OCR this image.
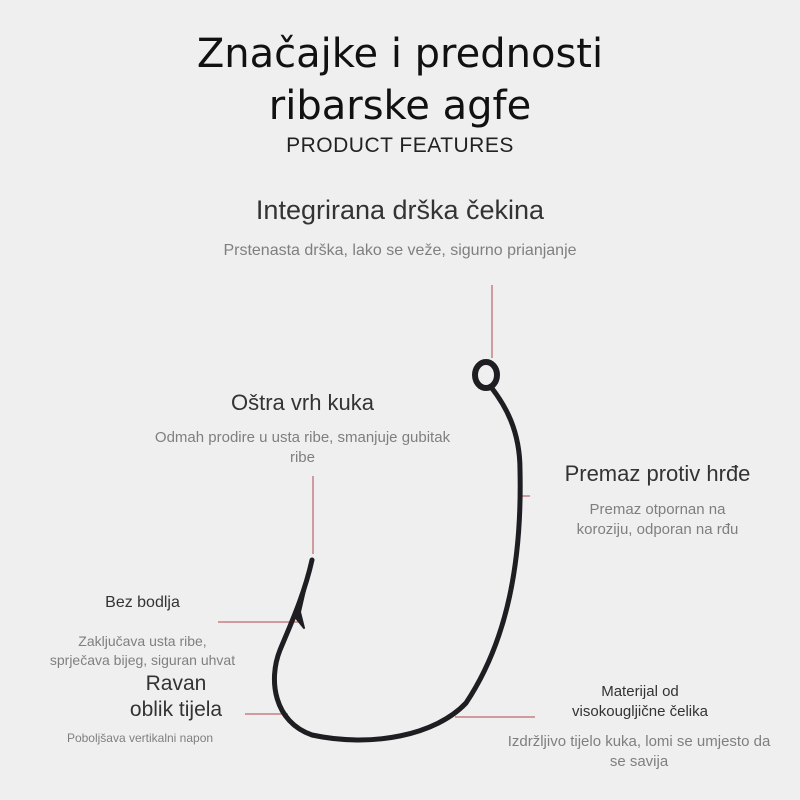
Značajke i prednosti
ribarske agfe
PRODUCT FEATURES
Integrirana drška čekina
Prstenasta drška, lako se veže, sigurno prianjanje
Oštra vrh kuka
Odmah prodire u usta ribe, smanjuje gubitak
ribe
Premaz protiv hrđe
Premaz otpornan na
koroziju, odporan na rđu
Bez bodlja
Zaključava usta ribe,
sprječava bijeg, siguran uhvat
Ravan
oblik tijela
Poboljšava vertikalni napon
Materijal od
visokougljične čelika
Izdržljivo tijelo kuka, lomi se umjesto da
se savija
